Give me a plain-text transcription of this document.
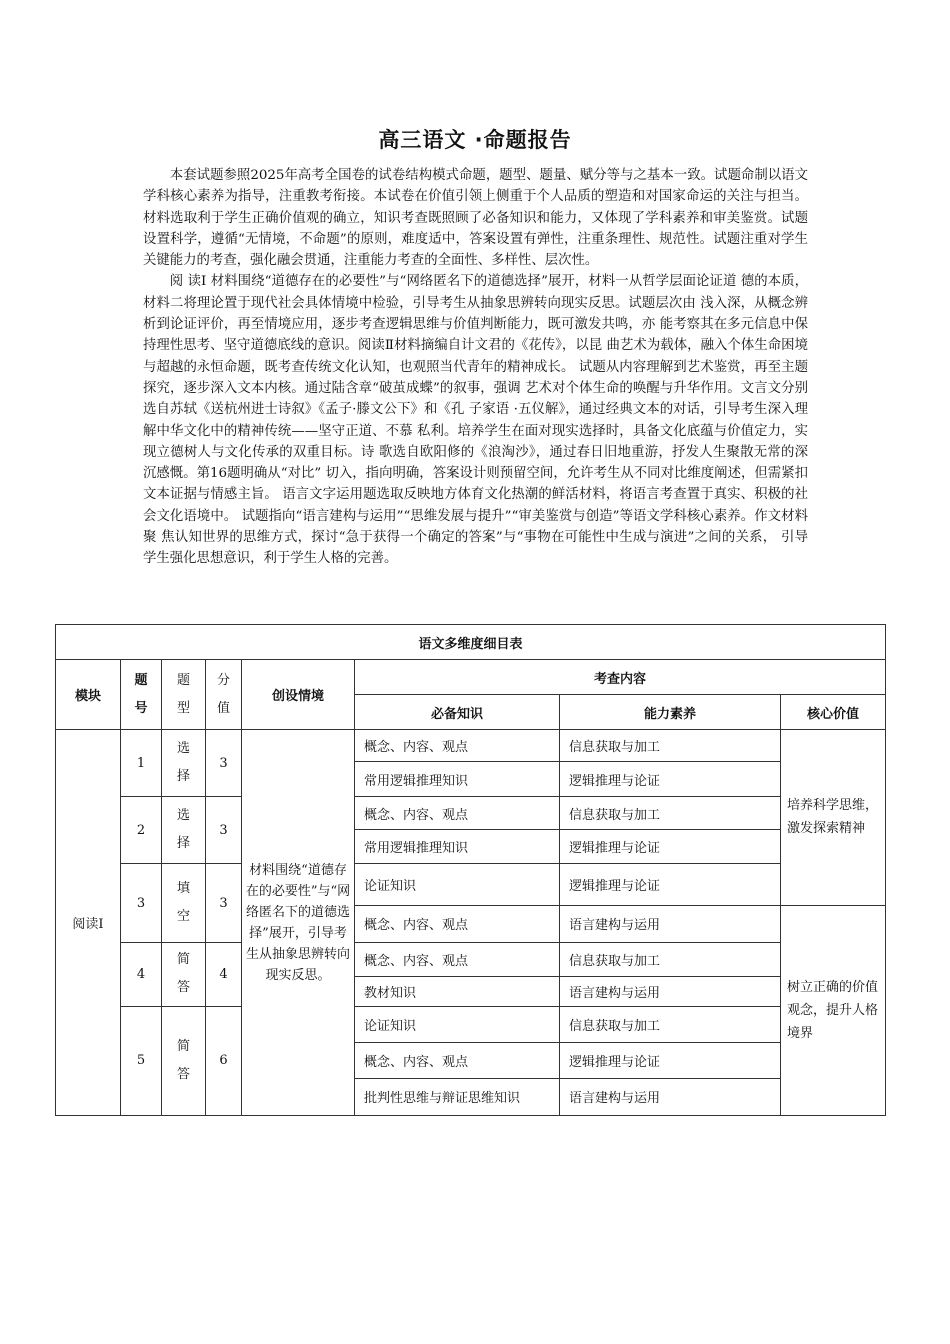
高三语文 ·命题报告

本套试题参照2025年高考全国卷的试卷结构模式命题，题型、题量、赋分等与之基本一致。试题命制以语文学科核心素养为指导，注重教考衔接。本试卷在价值引领上侧重于个人品质的塑造和对国家命运的关注与担当。材料选取利于学生正确价值观的确立，知识考查既照顾了必备知识和能力，又体现了学科素养和审美鉴赏。试题设置科学，遵循“无情境，不命题”的原则，难度适中，答案设置有弹性，注重条理性、规范性。试题注重对学生关键能力的考查，强化融会贯通，注重能力考查的全面性、多样性、层次性。

阅 读Ⅰ 材料围绕“道德存在的必要性”与“网络匿名下的道德选择”展开，材料一从哲学层面论证道 德的本质，材料二将理论置于现代社会具体情境中检验，引导考生从抽象思辨转向现实反思。试题层次由 浅入深，从概念辨析到论证评价，再至情境应用，逐步考查逻辑思维与价值判断能力，既可激发共鸣，亦 能考察其在多元信息中保持理性思考、坚守道德底线的意识。阅读Ⅱ材料摘编自计文君的《花传》，以昆 曲艺术为载体，融入个体生命困境与超越的永恒命题，既考查传统文化认知，也观照当代青年的精神成长。 试题从内容理解到艺术鉴赏，再至主题探究，逐步深入文本内核。通过陆含章“破茧成蝶”的叙事，强调 艺术对个体生命的唤醒与升华作用。文言文分别选自苏轼《送杭州进士诗叙》《孟子·滕文公下》和《孔 子家语 ·五仪解》，通过经典文本的对话，引导考生深入理解中华文化中的精神传统——坚守正道、不慕 私利。培养学生在面对现实选择时，具备文化底蕴与价值定力，实现立德树人与文化传承的双重目标。诗 歌选自欧阳修的《浪淘沙》，通过春日旧地重游，抒发人生聚散无常的深沉感慨。第16题明确从“对比” 切入，指向明确，答案设计则预留空间，允许考生从不同对比维度阐述，但需紧扣文本证据与情感主旨。 语言文字运用题选取反映地方体育文化热潮的鲜活材料，将语言考查置于真实、积极的社会文化语境中。 试题指向“语言建构与运用”“思维发展与提升”“审美鉴赏与创造”等语文学科核心素养。作文材料聚 焦认知世界的思维方式，探讨“急于获得一个确定的答案”与“事物在可能性中生成与演进”之间的关系， 引导学生强化思想意识，利于学生人格的完善。

语文多维度细目表							
模块	题号	题型	分值	创设情境	考查内容		
					必备知识	能力素养	核心价值
阅读Ⅰ	1	选择	3	材料围绕“道德存在的必要性”与“网络匿名下的道德选择”展开，引导考生从抽象思辨转向现实反思。	概念、内容、观点	信息获取与加工	培养科学思维，激发探索精神
					常用逻辑推理知识	逻辑推理与论证	
	2	选择	3		概念、内容、观点	信息获取与加工	
					常用逻辑推理知识	逻辑推理与论证	
	3	填空	3		论证知识	逻辑推理与论证	
					概念、内容、观点	语言建构与运用	树立正确的价值观念，提升人格境界
	4	简答	4		概念、内容、观点	信息获取与加工	
					教材知识	语言建构与运用	
	5	简答	6		论证知识	信息获取与加工	
					概念、内容、观点	逻辑推理与论证	
					批判性思维与辩证思维知识	语言建构与运用	
